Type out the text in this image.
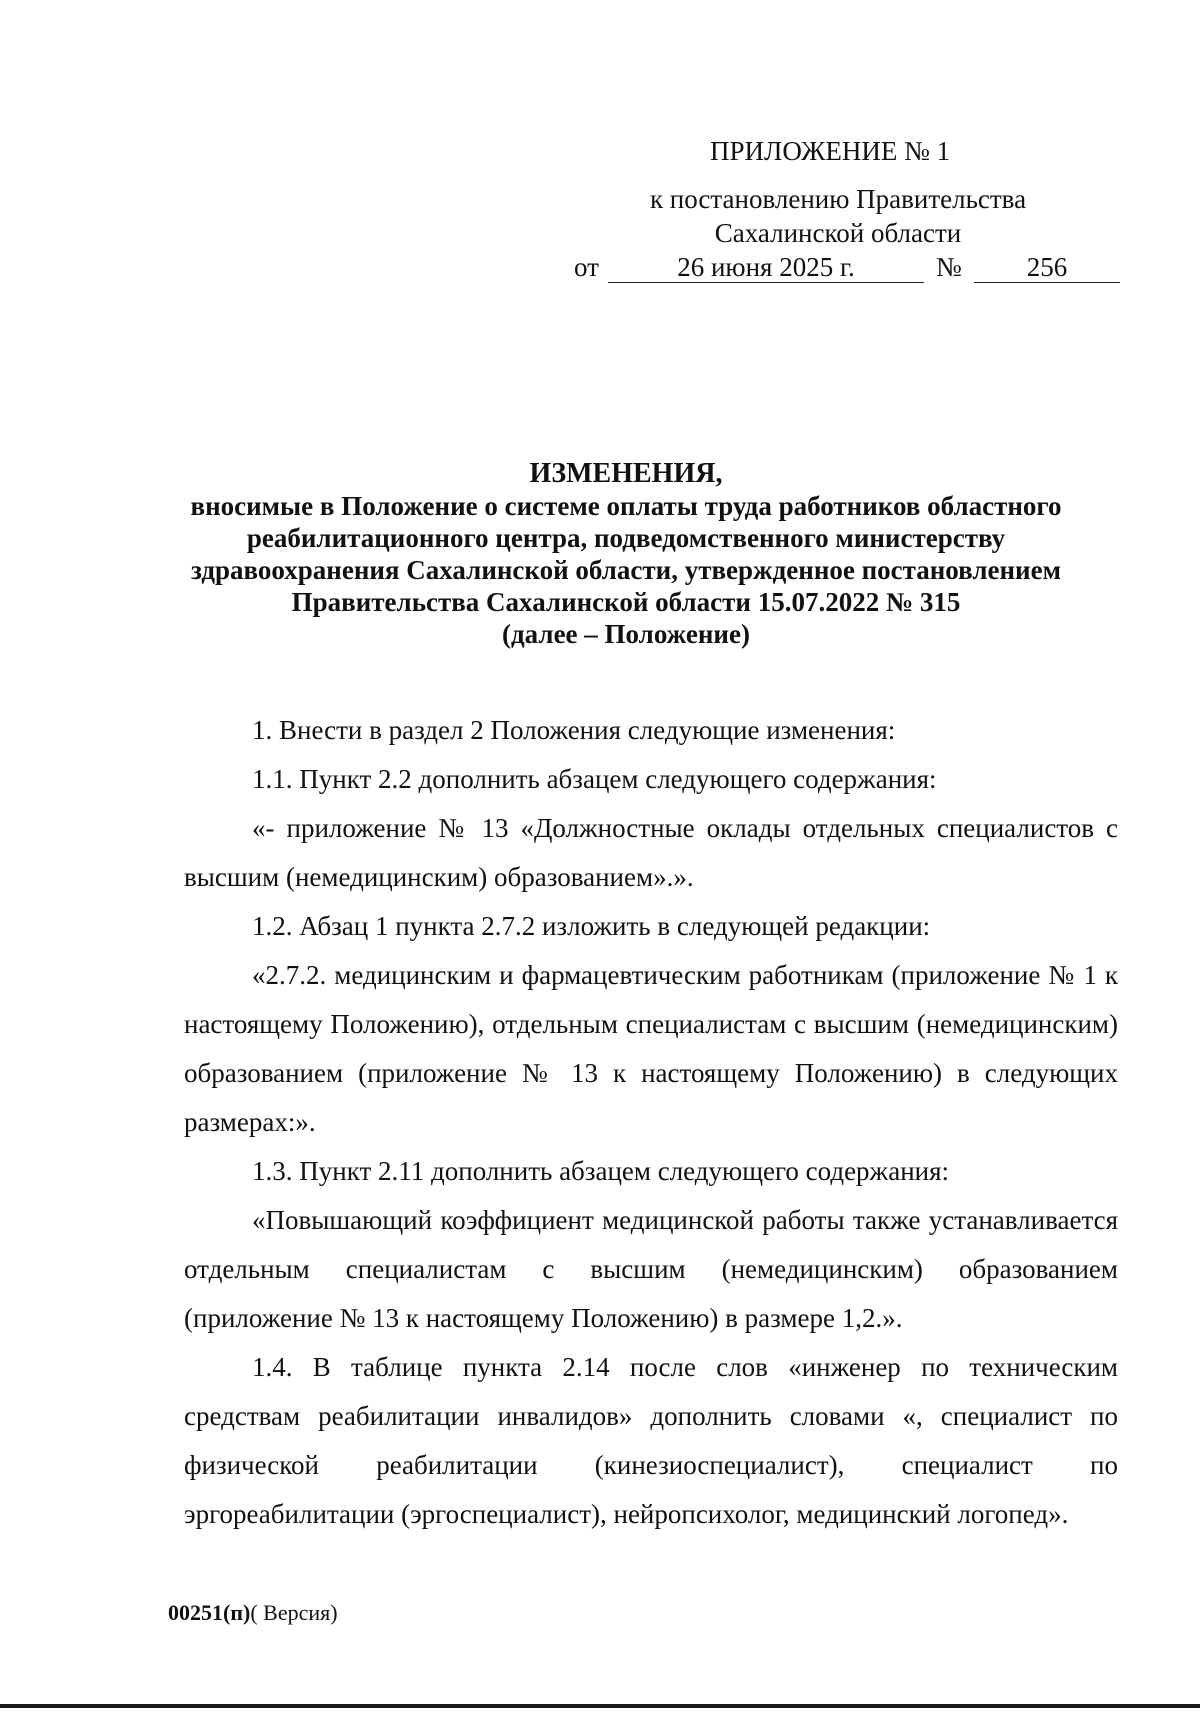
ПРИЛОЖЕНИЕ № 1
к постановлению Правительства
Сахалинской области
от	26 июня 2025 г.	№	256
ИЗМЕНЕНИЯ,
вносимые в Положение о системе оплаты труда работников областного
реабилитационного центра, подведомственного министерству
здравоохранения Сахалинской области, утвержденное постановлением
Правительства Сахалинской области 15.07.2022 № 315
(далее – Положение)

1. Внести в раздел 2 Положения следующие изменения:

1.1. Пункт 2.2 дополнить абзацем следующего содержания:

«- приложение № 13 «Должностные оклады отдельных специалистов с высшим (немедицинским) образованием».».

1.2. Абзац 1 пункта 2.7.2 изложить в следующей редакции:

«2.7.2. медицинским и фармацевтическим работникам (приложение № 1 к настоящему Положению), отдельным специалистам с высшим (немедицинским) образованием (приложение № 13 к настоящему Положению) в следующих размерах:».

1.3. Пункт 2.11 дополнить абзацем следующего содержания:

«Повышающий коэффициент медицинской работы также устанавливается отдельным специалистам с высшим (немедицинским) образованием (приложение № 13 к настоящему Положению) в размере 1,2.».

1.4. В таблице пункта 2.14 после слов «инженер по техническим средствам реабилитации инвалидов» дополнить словами «, специалист по физической реабилитации (кинезиоспециалист), специалист по эргореабилитации (эргоспециалист), нейропсихолог, медицинский логопед».

00251(п)( Версия)
